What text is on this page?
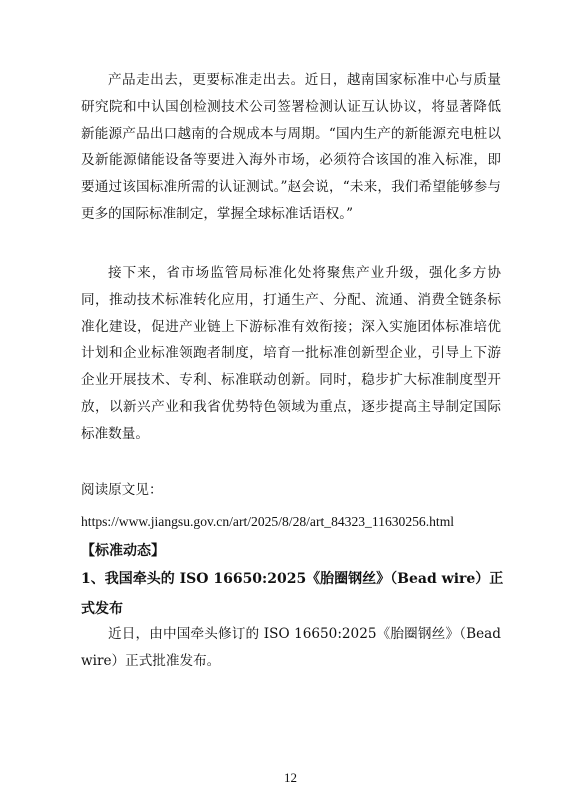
产品走出去，更要标准走出去。近日，越南国家标准中心与质量研究院和中认国创检测技术公司签署检测认证互认协议，将显著降低新能源产品出口越南的合规成本与周期。“国内生产的新能源充电桩以及新能源储能设备等要进入海外市场，必须符合该国的准入标准，即要通过该国标准所需的认证测试。”赵会说，“未来，我们希望能够参与更多的国际标准制定，掌握全球标准话语权。”

接下来，省市场监管局标准化处将聚焦产业升级，强化多方协同，推动技术标准转化应用，打通生产、分配、流通、消费全链条标准化建设，促进产业链上下游标准有效衔接；深入实施团体标准培优计划和企业标准领跑者制度，培育一批标准创新型企业，引导上下游企业开展技术、专利、标准联动创新。同时，稳步扩大标准制度型开放，以新兴产业和我省优势特色领域为重点，逐步提高主导制定国际标准数量。

阅读原文见：

https://www.jiangsu.gov.cn/art/2025/8/28/art_84323_11630256.html

【标准动态】

1、我国牵头的 ISO 16650:2025《胎圈钢丝》（Bead wire）正式发布

近日，由中国牵头修订的 ISO 16650:2025《胎圈钢丝》（Bead wire）正式批准发布。

12
